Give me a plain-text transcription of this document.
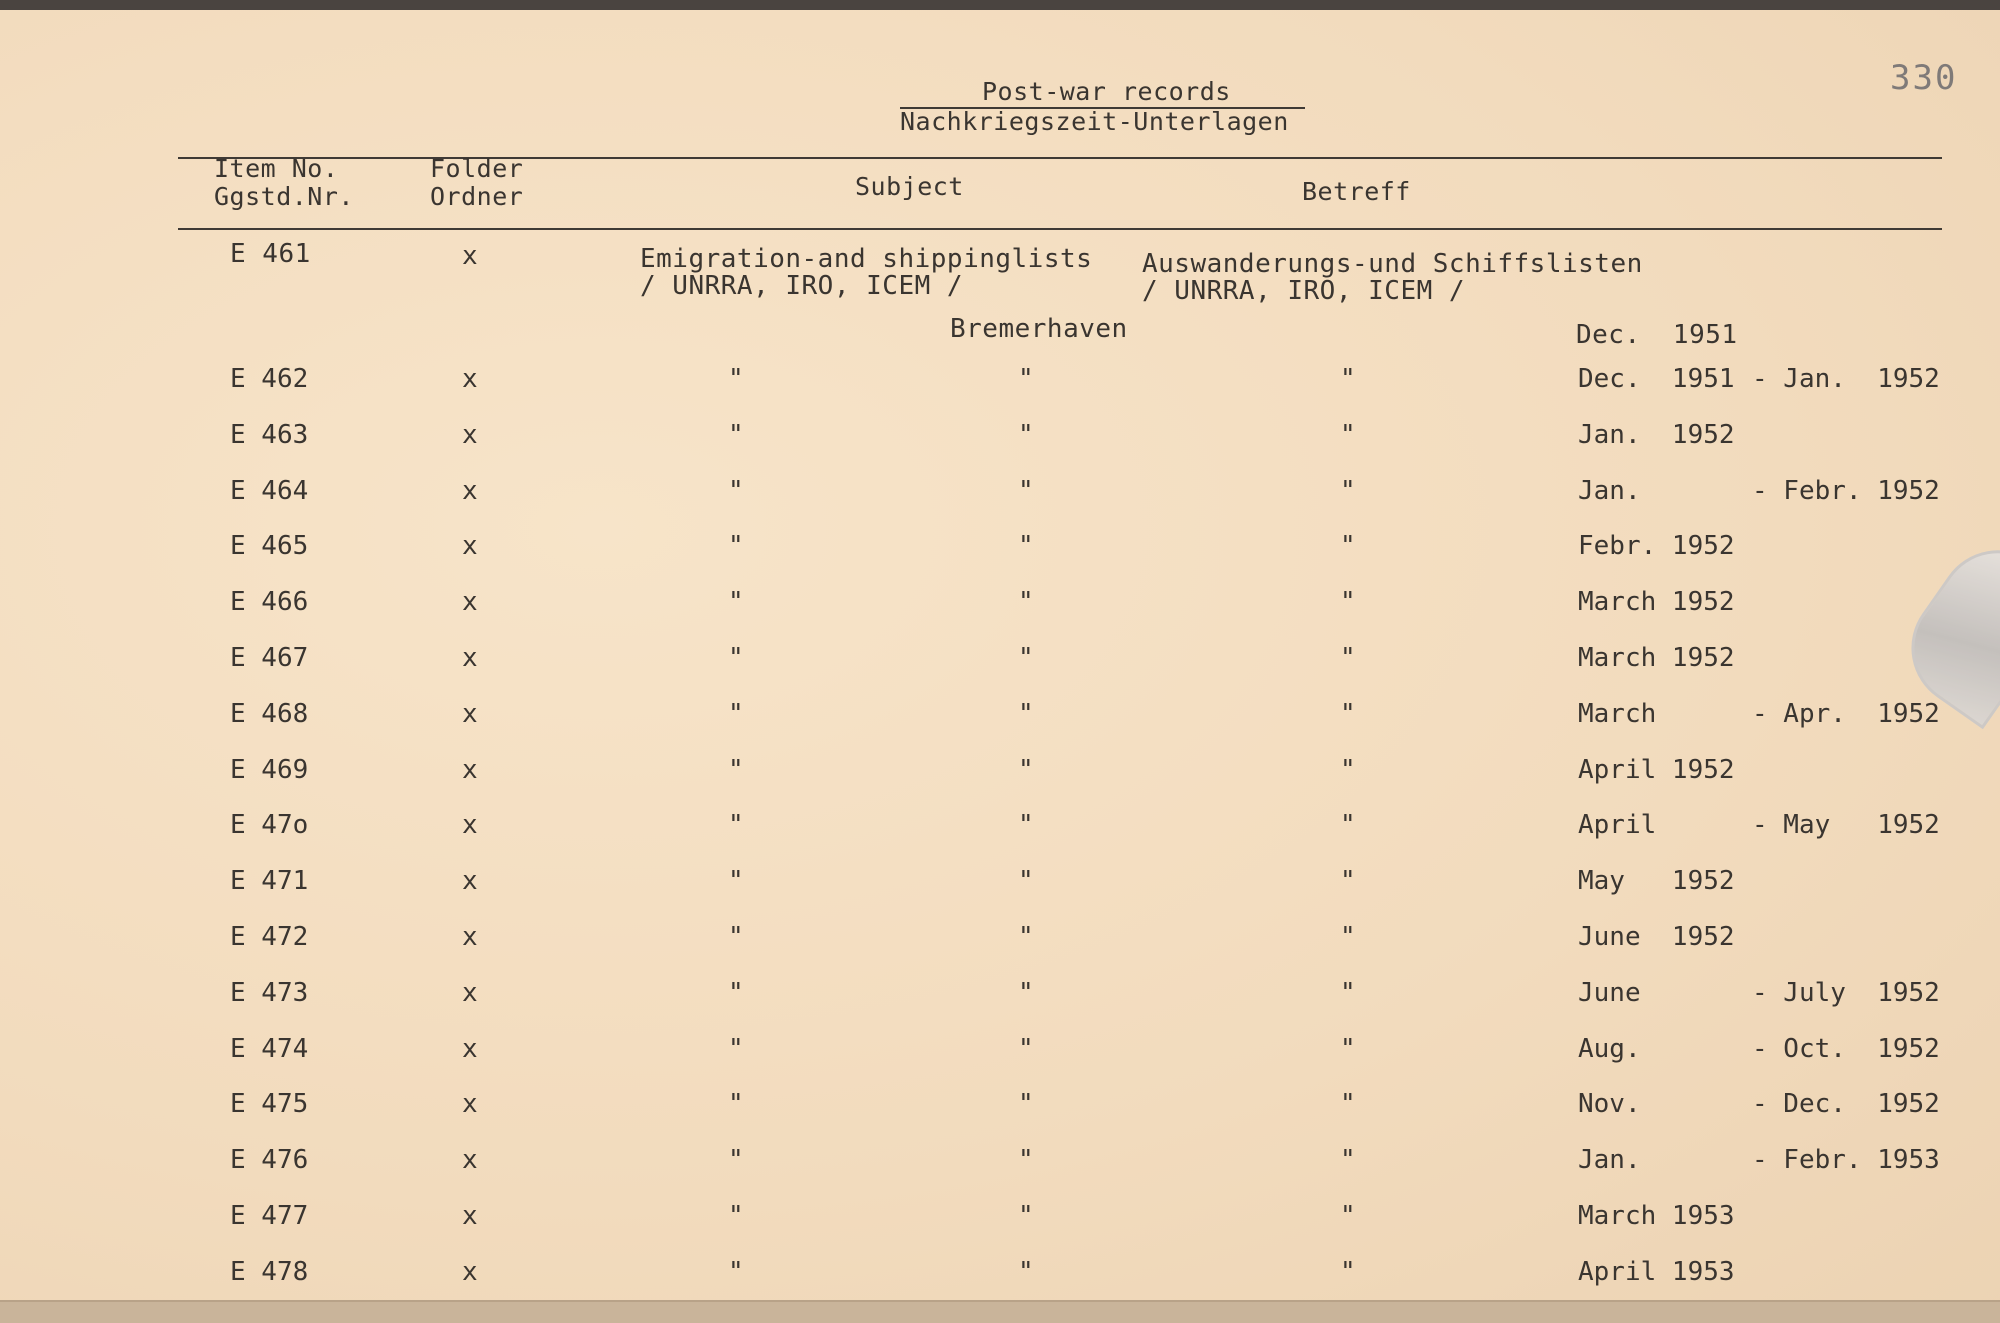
330
Post-war records
Nachkriegszeit-Unterlagen
Item No.
Ggstd.Nr.
Folder
Ordner	Subject	Betreff
E 461	x	Emigration-and shippinglists
/ UNRRA, IRO, ICEM /
Auswanderungs-und Schiffslisten
/ UNRRA, IRO, ICEM /
Bremerhaven	Dec.  1951
E 462	x	"	"	"	Dec.  1951 - Jan.  1952
E 463	x	"	"	"	Jan.  1952
E 464	x	"	"	"	Jan.	- Febr. 1952
E 465	x	"	"	"	Febr. 1952
E 466	x	"	"	"	March 1952
E 467	x	"	"	"	March 1952
E 468	x	"	"	"	March	- Apr.  1952
E 469	x	"	"	"	April 1952
E 47o	x	"	"	"	April	- May   1952
E 471	x	"	"	"	May   1952
E 472	x	"	"	"	June  1952
E 473	x	"	"	"	June	- July  1952
E 474	x	"	"	"	Aug.	- Oct.  1952
E 475	x	"	"	"	Nov.	- Dec.  1952
E 476	x	"	"	"	Jan.	- Febr. 1953
E 477	x	"	"	"	March 1953
E 478	x	"	"	"	April 1953
